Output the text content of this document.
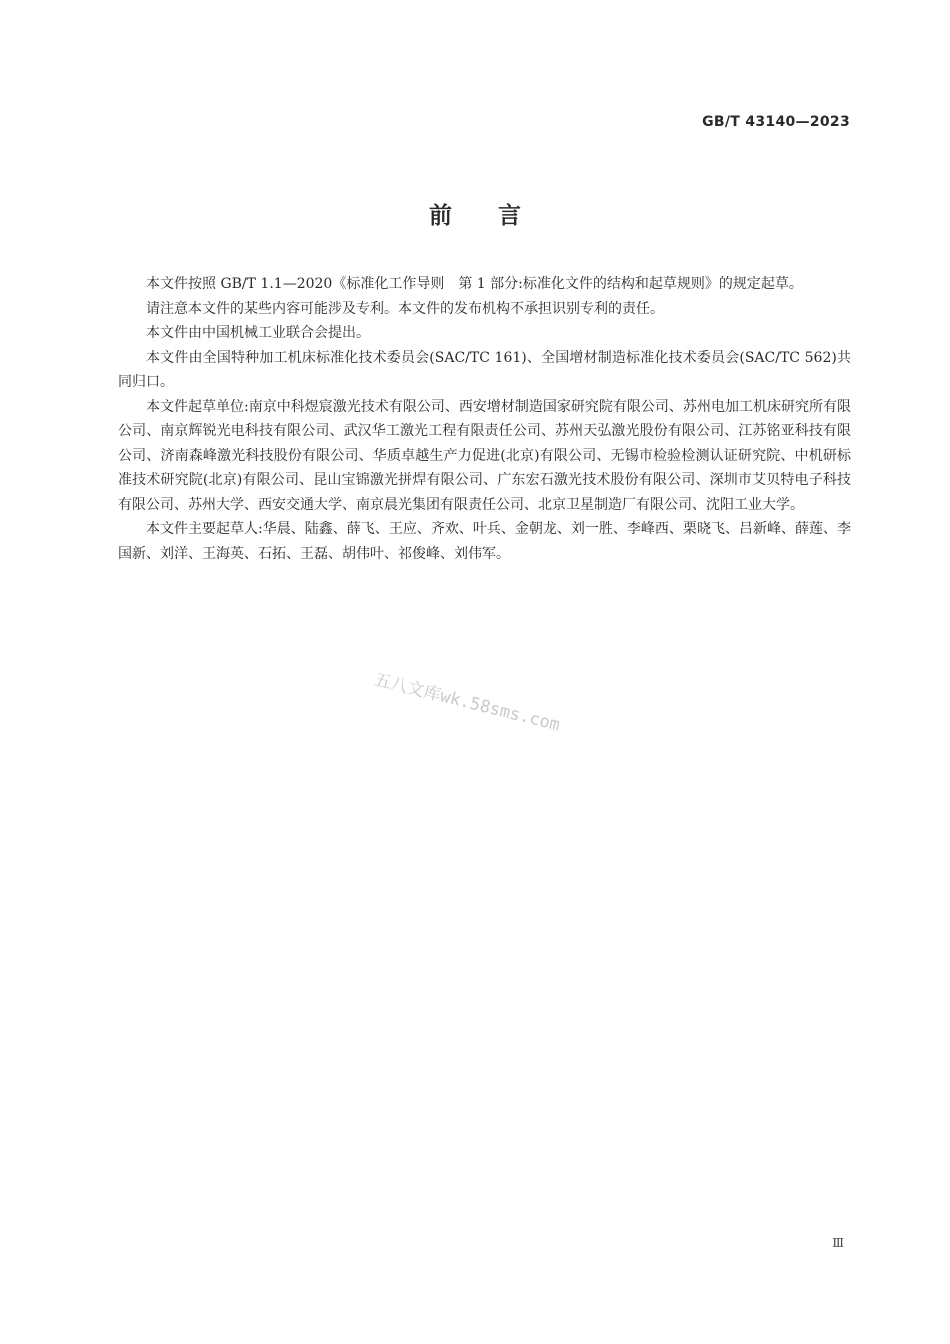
GB/T 43140—2023
前言

本文件按照 GB/T 1.1—2020《标准化工作导则　第 1 部分:标准化文件的结构和起草规则》的规定起草。

请注意本文件的某些内容可能涉及专利。本文件的发布机构不承担识别专利的责任。

本文件由中国机械工业联合会提出。

本文件由全国特种加工机床标准化技术委员会(SAC/TC 161)、全国增材制造标准化技术委员会(SAC/TC 562)共同归口。

本文件起草单位:南京中科煜宸激光技术有限公司、西安增材制造国家研究院有限公司、苏州电加工机床研究所有限公司、南京辉锐光电科技有限公司、武汉华工激光工程有限责任公司、苏州天弘激光股份有限公司、江苏铭亚科技有限公司、济南森峰激光科技股份有限公司、华质卓越生产力促进(北京)有限公司、无锡市检验检测认证研究院、中机研标准技术研究院(北京)有限公司、昆山宝锦激光拼焊有限公司、广东宏石激光技术股份有限公司、深圳市艾贝特电子科技有限公司、苏州大学、西安交通大学、南京晨光集团有限责任公司、北京卫星制造厂有限公司、沈阳工业大学。

本文件主要起草人:华晨、陆鑫、薛飞、王应、齐欢、叶兵、金朝龙、刘一胜、李峰西、栗晓飞、吕新峰、薛莲、李国新、刘洋、王海英、石拓、王磊、胡伟叶、祁俊峰、刘伟军。

五八文库wk.58sms.com
Ⅲ
